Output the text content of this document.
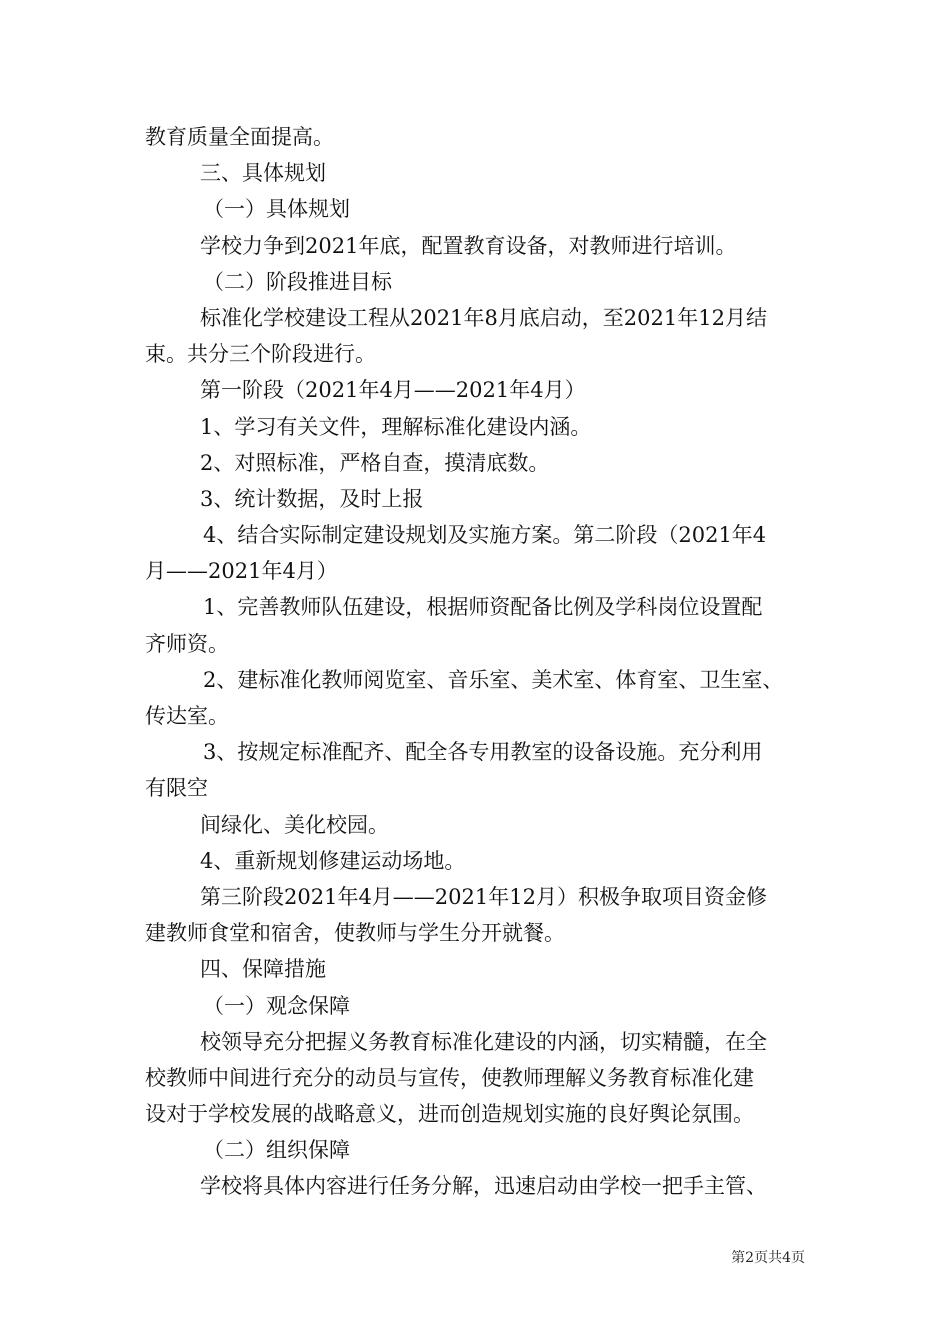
教育质量全面提高。
三、具体规划
（一）具体规划
学校力争到2021年底，配置教育设备，对教师进行培训。
（二）阶段推进目标
标准化学校建设工程从2021年8月底启动，至2021年12月结
束。共分三个阶段进行。
第一阶段（2021年4月——2021年4月）
1、学习有关文件，理解标准化建设内涵。
2、对照标准，严格自查，摸清底数。
3、统计数据，及时上报
4、结合实际制定建设规划及实施方案。第二阶段（2021年4
月——2021年4月）
1、完善教师队伍建设，根据师资配备比例及学科岗位设置配
齐师资。
2、建标准化教师阅览室、音乐室、美术室、体育室、卫生室、
传达室。
3、按规定标准配齐、配全各专用教室的设备设施。充分利用
有限空
间绿化、美化校园。
4、重新规划修建运动场地。
第三阶段2021年4月——2021年12月）积极争取项目资金修
建教师食堂和宿舍，使教师与学生分开就餐。
四、保障措施
（一）观念保障
校领导充分把握义务教育标准化建设的内涵，切实精髓，在全
校教师中间进行充分的动员与宣传，使教师理解义务教育标准化建
设对于学校发展的战略意义，进而创造规划实施的良好舆论氛围。
（二）组织保障
学校将具体内容进行任务分解，迅速启动由学校一把手主管、
第2页共4页
